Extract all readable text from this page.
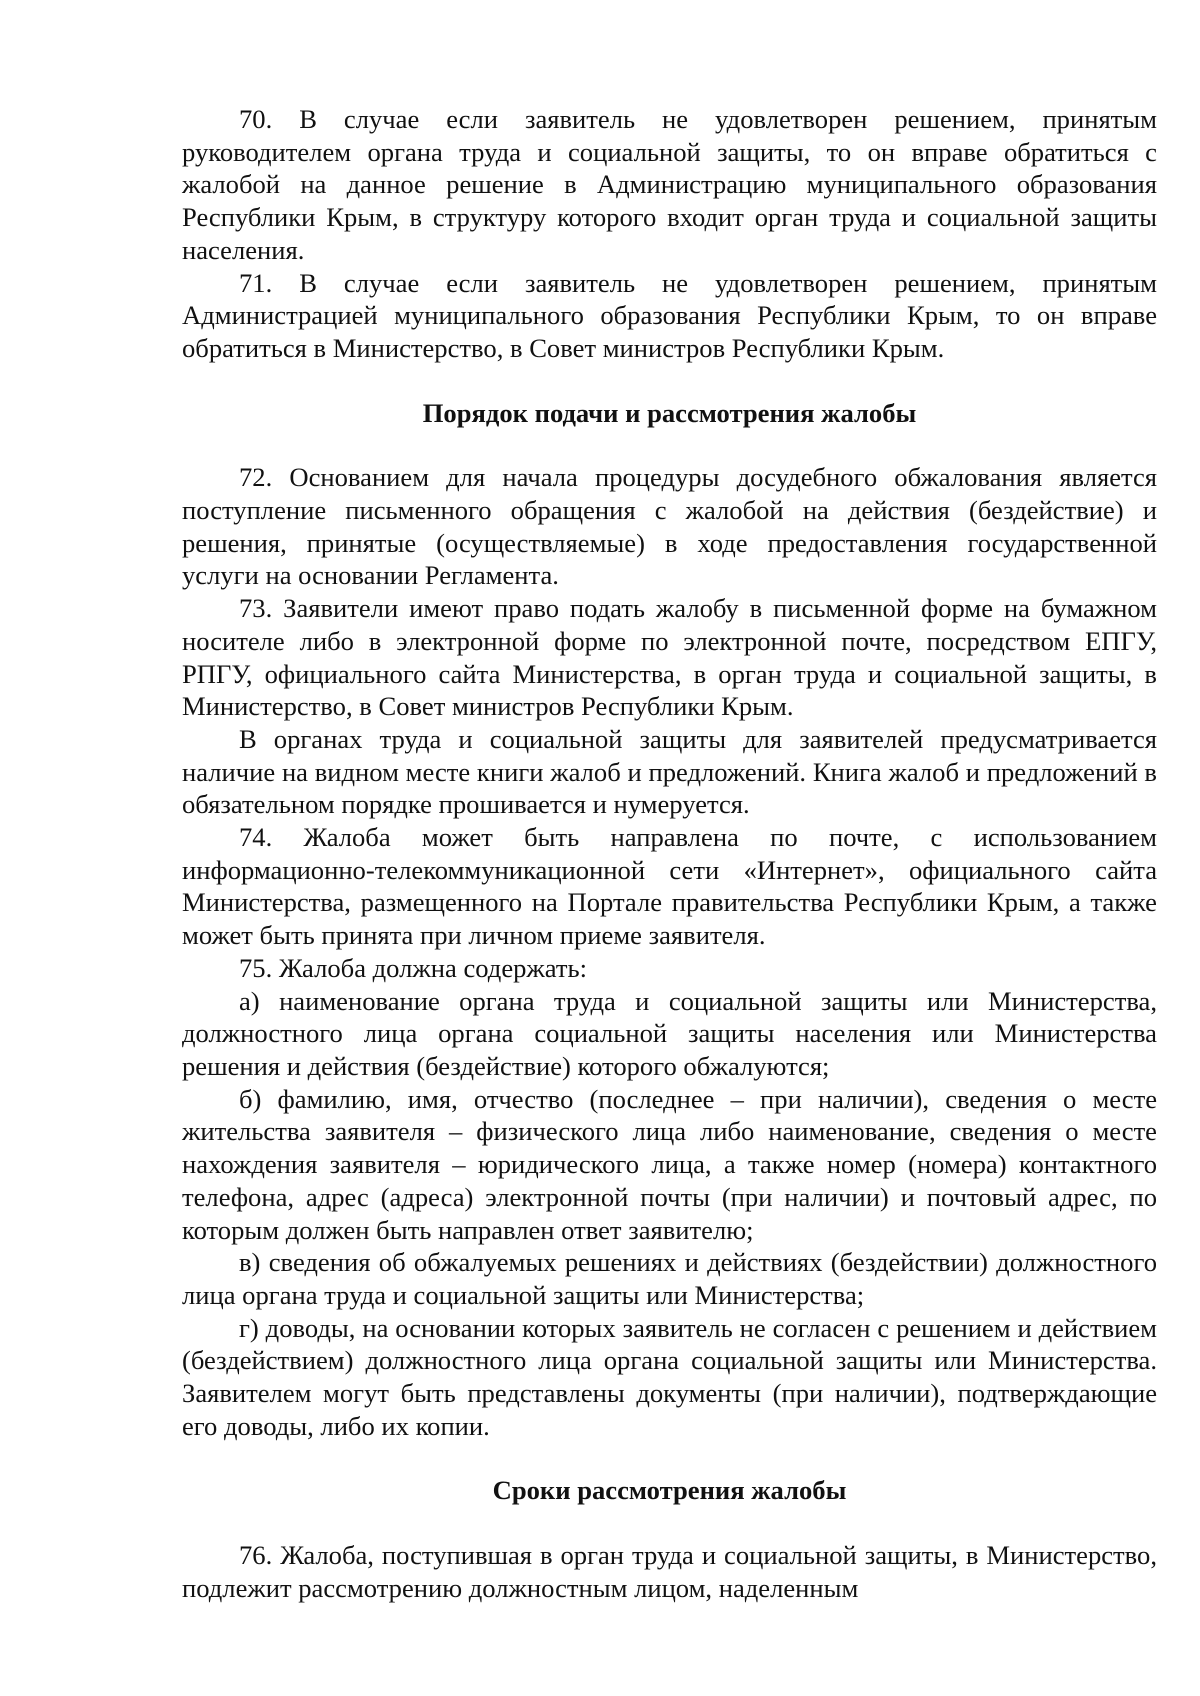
70. В случае если заявитель не удовлетворен решением, принятым руководителем органа труда и социальной защиты, то он вправе обратиться с жалобой на данное решение в Администрацию муниципального образования Республики Крым, в структуру которого входит орган труда и социальной защиты населения.

71. В случае если заявитель не удовлетворен решением, принятым Администрацией муниципального образования Республики Крым, то он вправе обратиться в Министерство, в Совет министров Республики Крым.

Порядок подачи и рассмотрения жалобы

72. Основанием для начала процедуры досудебного обжалования является поступление письменного обращения с жалобой на действия (бездействие) и решения, принятые (осуществляемые) в ходе предоставления государственной услуги на основании Регламента.

73. Заявители имеют право подать жалобу в письменной форме на бумажном носителе либо в электронной форме по электронной почте, посредством ЕПГУ, РПГУ, официального сайта Министерства, в орган труда и социальной защиты, в Министерство, в Совет министров Республики Крым.

В органах труда и социальной защиты для заявителей предусматривается наличие на видном месте книги жалоб и предложений. Книга жалоб и предложений в обязательном порядке прошивается и нумеруется.

74. Жалоба может быть направлена по почте, с использованием информационно-телекоммуникационной сети «Интернет», официального сайта Министерства, размещенного на Портале правительства Республики Крым, а также может быть принята при личном приеме заявителя.

75. Жалоба должна содержать:

а) наименование органа труда и социальной защиты или Министерства, должностного лица органа социальной защиты населения или Министерства решения и действия (бездействие) которого обжалуются;

б) фамилию, имя, отчество (последнее – при наличии), сведения о месте жительства заявителя – физического лица либо наименование, сведения о месте нахождения заявителя – юридического лица, а также номер (номера) контактного телефона, адрес (адреса) электронной почты (при наличии) и почтовый адрес, по которым должен быть направлен ответ заявителю;

в) сведения об обжалуемых решениях и действиях (бездействии) должностного лица органа труда и социальной защиты или Министерства;

г) доводы, на основании которых заявитель не согласен с решением и действием (бездействием) должностного лица органа социальной защиты или Министерства. Заявителем могут быть представлены документы (при наличии), подтверждающие его доводы, либо их копии.

Сроки рассмотрения жалобы

76. Жалоба, поступившая в орган труда и социальной защиты, в Министерство, подлежит рассмотрению должностным лицом, наделенным
